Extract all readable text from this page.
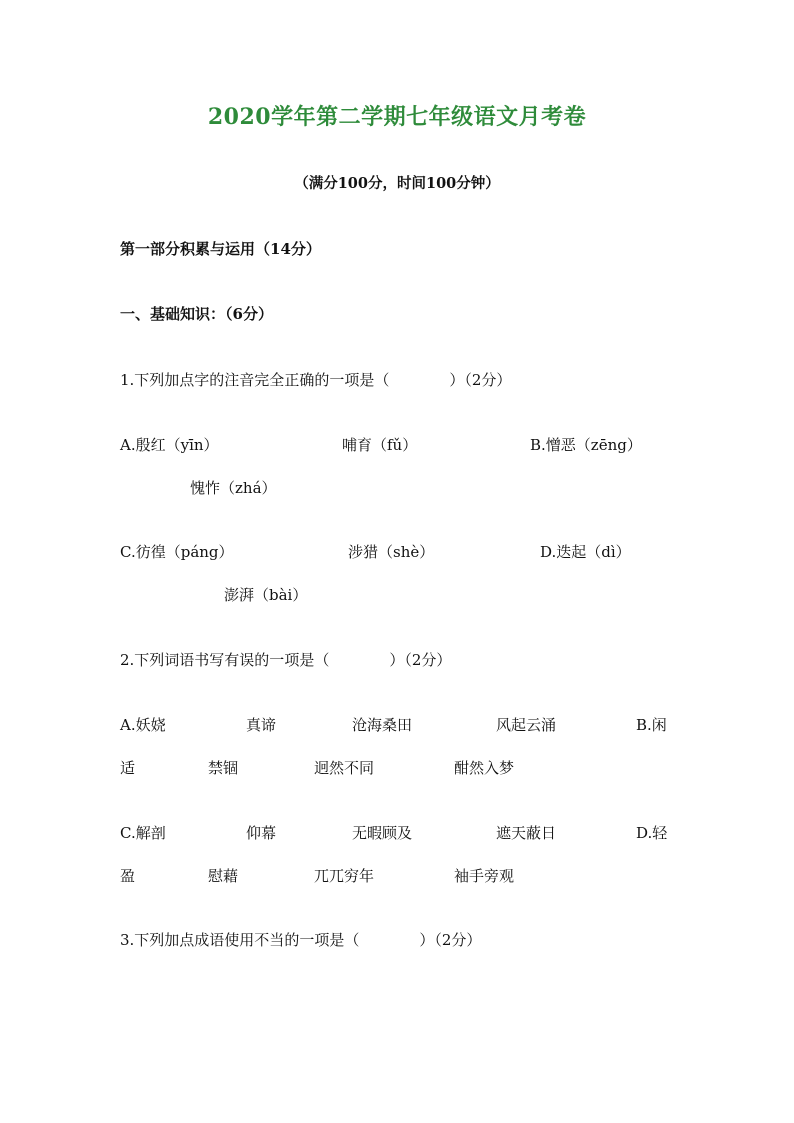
2020学年第二学期七年级语文月考卷
（满分100分，时间100分钟）
第一部分积累与运用（14分）
一、基础知识：（6分）
1.下列加点字的注音完全正确的一项是（　　　　）（2分）
A.殷红（yīn）	哺育（fǔ）	B.憎恶（zēng）
愧怍（zhá）
C.彷徨（páng）	涉猎（shè）	D.迭起（dì）
澎湃（bài）
2.下列词语书写有误的一项是（　　　　）（2分）
A.妖娆	真谛	沧海桑田	风起云涌	B.闲
适	禁锢	迥然不同	酣然入梦
C.解剖	仰幕	无暇顾及	遮天蔽日	D.轻
盈	慰藉	兀兀穷年	袖手旁观
3.下列加点成语使用不当的一项是（　　　　）（2分）
